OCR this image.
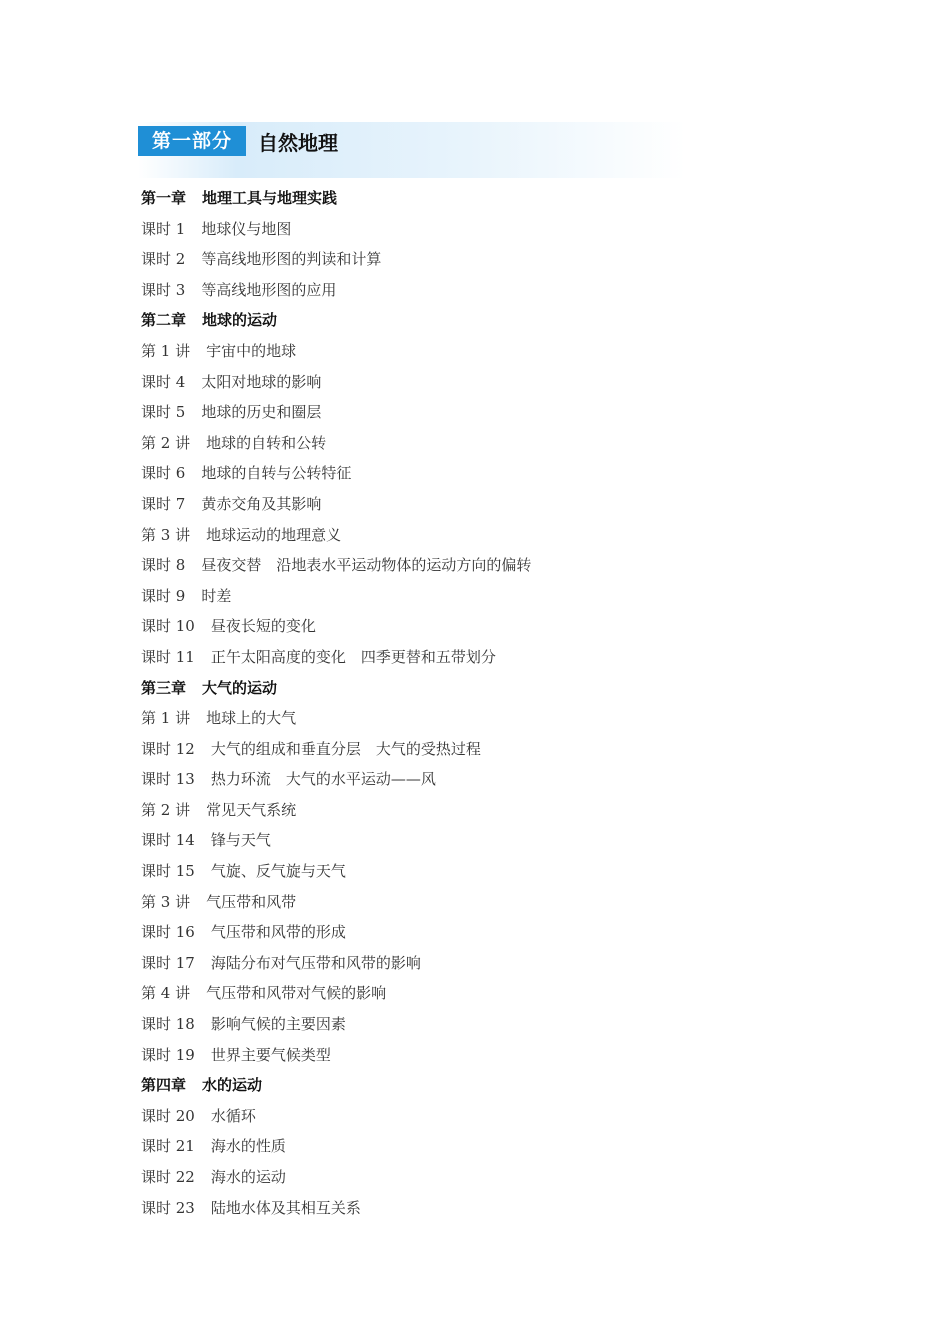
第一部分	自然地理
第一章 地理工具与地理实践
课时 1 地球仪与地图
课时 2 等高线地形图的判读和计算
课时 3 等高线地形图的应用
第二章 地球的运动
第 1 讲 宇宙中的地球
课时 4 太阳对地球的影响
课时 5 地球的历史和圈层
第 2 讲 地球的自转和公转
课时 6 地球的自转与公转特征
课时 7 黄赤交角及其影响
第 3 讲 地球运动的地理意义
课时 8 昼夜交替　沿地表水平运动物体的运动方向的偏转
课时 9 时差
课时 10 昼夜长短的变化
课时 11 正午太阳高度的变化　四季更替和五带划分
第三章 大气的运动
第 1 讲 地球上的大气
课时 12 大气的组成和垂直分层　大气的受热过程
课时 13 热力环流　大气的水平运动——风
第 2 讲 常见天气系统
课时 14 锋与天气
课时 15 气旋、反气旋与天气
第 3 讲 气压带和风带
课时 16 气压带和风带的形成
课时 17 海陆分布对气压带和风带的影响
第 4 讲 气压带和风带对气候的影响
课时 18 影响气候的主要因素
课时 19 世界主要气候类型
第四章 水的运动
课时 20 水循环
课时 21 海水的性质
课时 22 海水的运动
课时 23 陆地水体及其相互关系
